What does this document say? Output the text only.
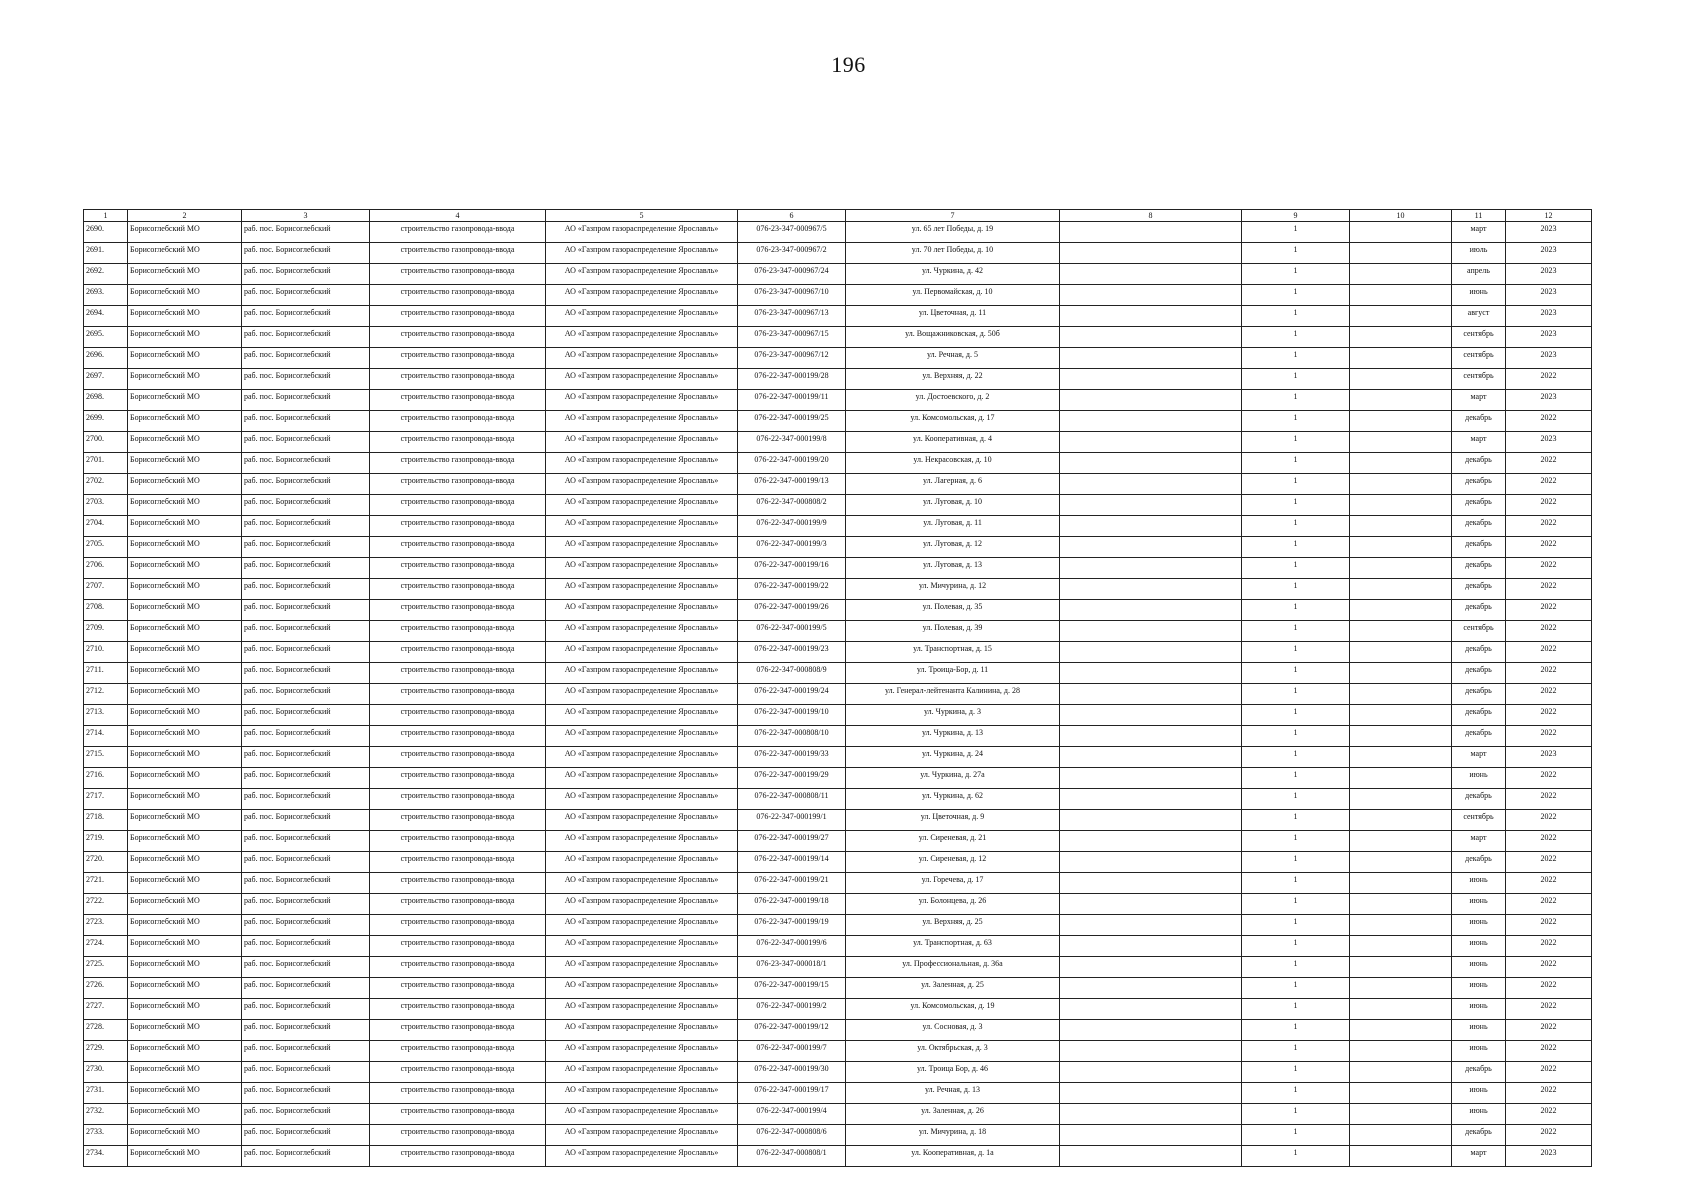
196
1	2	3	4	5	6	7	8	9	10	11	12
2690.	Борисоглебский МО	раб. пос. Борисоглебский	строительство газопровода-ввода	АО «Газпром газораспределение Ярославль»	076-23-347-000967/5	ул. 65 лет Победы, д. 19		1		март	2023
2691.	Борисоглебский МО	раб. пос. Борисоглебский	строительство газопровода-ввода	АО «Газпром газораспределение Ярославль»	076-23-347-000967/2	ул. 70 лет Победы, д. 10		1		июль	2023
2692.	Борисоглебский МО	раб. пос. Борисоглебский	строительство газопровода-ввода	АО «Газпром газораспределение Ярославль»	076-23-347-000967/24	ул. Чуркина, д. 42		1		апрель	2023
2693.	Борисоглебский МО	раб. пос. Борисоглебский	строительство газопровода-ввода	АО «Газпром газораспределение Ярославль»	076-23-347-000967/10	ул. Первомайская, д. 10		1		июнь	2023
2694.	Борисоглебский МО	раб. пос. Борисоглебский	строительство газопровода-ввода	АО «Газпром газораспределение Ярославль»	076-23-347-000967/13	ул. Цветочная, д. 11		1		август	2023
2695.	Борисоглебский МО	раб. пос. Борисоглебский	строительство газопровода-ввода	АО «Газпром газораспределение Ярославль»	076-23-347-000967/15	ул. Вощажниковская, д. 50б		1		сентябрь	2023
2696.	Борисоглебский МО	раб. пос. Борисоглебский	строительство газопровода-ввода	АО «Газпром газораспределение Ярославль»	076-23-347-000967/12	ул. Речная, д. 5		1		сентябрь	2023
2697.	Борисоглебский МО	раб. пос. Борисоглебский	строительство газопровода-ввода	АО «Газпром газораспределение Ярославль»	076-22-347-000199/28	ул. Верхняя, д. 22		1		сентябрь	2022
2698.	Борисоглебский МО	раб. пос. Борисоглебский	строительство газопровода-ввода	АО «Газпром газораспределение Ярославль»	076-22-347-000199/11	ул. Достоевского, д. 2		1		март	2023
2699.	Борисоглебский МО	раб. пос. Борисоглебский	строительство газопровода-ввода	АО «Газпром газораспределение Ярославль»	076-22-347-000199/25	ул. Комсомольская, д. 17		1		декабрь	2022
2700.	Борисоглебский МО	раб. пос. Борисоглебский	строительство газопровода-ввода	АО «Газпром газораспределение Ярославль»	076-22-347-000199/8	ул. Кооперативная, д. 4		1		март	2023
2701.	Борисоглебский МО	раб. пос. Борисоглебский	строительство газопровода-ввода	АО «Газпром газораспределение Ярославль»	076-22-347-000199/20	ул. Некрасовская, д. 10		1		декабрь	2022
2702.	Борисоглебский МО	раб. пос. Борисоглебский	строительство газопровода-ввода	АО «Газпром газораспределение Ярославль»	076-22-347-000199/13	ул. Лагерная, д. 6		1		декабрь	2022
2703.	Борисоглебский МО	раб. пос. Борисоглебский	строительство газопровода-ввода	АО «Газпром газораспределение Ярославль»	076-22-347-000808/2	ул. Луговая, д. 10		1		декабрь	2022
2704.	Борисоглебский МО	раб. пос. Борисоглебский	строительство газопровода-ввода	АО «Газпром газораспределение Ярославль»	076-22-347-000199/9	ул. Луговая, д. 11		1		декабрь	2022
2705.	Борисоглебский МО	раб. пос. Борисоглебский	строительство газопровода-ввода	АО «Газпром газораспределение Ярославль»	076-22-347-000199/3	ул. Луговая, д. 12		1		декабрь	2022
2706.	Борисоглебский МО	раб. пос. Борисоглебский	строительство газопровода-ввода	АО «Газпром газораспределение Ярославль»	076-22-347-000199/16	ул. Луговая, д. 13		1		декабрь	2022
2707.	Борисоглебский МО	раб. пос. Борисоглебский	строительство газопровода-ввода	АО «Газпром газораспределение Ярославль»	076-22-347-000199/22	ул. Мичурина, д. 12		1		декабрь	2022
2708.	Борисоглебский МО	раб. пос. Борисоглебский	строительство газопровода-ввода	АО «Газпром газораспределение Ярославль»	076-22-347-000199/26	ул. Полевая, д. 35		1		декабрь	2022
2709.	Борисоглебский МО	раб. пос. Борисоглебский	строительство газопровода-ввода	АО «Газпром газораспределение Ярославль»	076-22-347-000199/5	ул. Полевая, д. 39		1		сентябрь	2022
2710.	Борисоглебский МО	раб. пос. Борисоглебский	строительство газопровода-ввода	АО «Газпром газораспределение Ярославль»	076-22-347-000199/23	ул. Транспортная, д. 15		1		декабрь	2022
2711.	Борисоглебский МО	раб. пос. Борисоглебский	строительство газопровода-ввода	АО «Газпром газораспределение Ярославль»	076-22-347-000808/9	ул. Троица-Бор, д. 11		1		декабрь	2022
2712.	Борисоглебский МО	раб. пос. Борисоглебский	строительство газопровода-ввода	АО «Газпром газораспределение Ярославль»	076-22-347-000199/24	ул. Генерал-лейтенанта Калинина, д. 28		1		декабрь	2022
2713.	Борисоглебский МО	раб. пос. Борисоглебский	строительство газопровода-ввода	АО «Газпром газораспределение Ярославль»	076-22-347-000199/10	ул. Чуркина, д. 3		1		декабрь	2022
2714.	Борисоглебский МО	раб. пос. Борисоглебский	строительство газопровода-ввода	АО «Газпром газораспределение Ярославль»	076-22-347-000808/10	ул. Чуркина, д. 13		1		декабрь	2022
2715.	Борисоглебский МО	раб. пос. Борисоглебский	строительство газопровода-ввода	АО «Газпром газораспределение Ярославль»	076-22-347-000199/33	ул. Чуркина, д. 24		1		март	2023
2716.	Борисоглебский МО	раб. пос. Борисоглебский	строительство газопровода-ввода	АО «Газпром газораспределение Ярославль»	076-22-347-000199/29	ул. Чуркина, д. 27а		1		июнь	2022
2717.	Борисоглебский МО	раб. пос. Борисоглебский	строительство газопровода-ввода	АО «Газпром газораспределение Ярославль»	076-22-347-000808/11	ул. Чуркина, д. 62		1		декабрь	2022
2718.	Борисоглебский МО	раб. пос. Борисоглебский	строительство газопровода-ввода	АО «Газпром газораспределение Ярославль»	076-22-347-000199/1	ул. Цветочная, д. 9		1		сентябрь	2022
2719.	Борисоглебский МО	раб. пос. Борисоглебский	строительство газопровода-ввода	АО «Газпром газораспределение Ярославль»	076-22-347-000199/27	ул. Сиреневая, д. 21		1		март	2022
2720.	Борисоглебский МО	раб. пос. Борисоглебский	строительство газопровода-ввода	АО «Газпром газораспределение Ярославль»	076-22-347-000199/14	ул. Сиреневая, д. 12		1		декабрь	2022
2721.	Борисоглебский МО	раб. пос. Борисоглебский	строительство газопровода-ввода	АО «Газпром газораспределение Ярославль»	076-22-347-000199/21	ул. Горечева, д. 17		1		июнь	2022
2722.	Борисоглебский МО	раб. пос. Борисоглебский	строительство газопровода-ввода	АО «Газпром газораспределение Ярославль»	076-22-347-000199/18	ул. Болонцева, д. 26		1		июнь	2022
2723.	Борисоглебский МО	раб. пос. Борисоглебский	строительство газопровода-ввода	АО «Газпром газораспределение Ярославль»	076-22-347-000199/19	ул. Верхняя, д. 25		1		июнь	2022
2724.	Борисоглебский МО	раб. пос. Борисоглебский	строительство газопровода-ввода	АО «Газпром газораспределение Ярославль»	076-22-347-000199/6	ул. Транспортная, д. 63		1		июнь	2022
2725.	Борисоглебский МО	раб. пос. Борисоглебский	строительство газопровода-ввода	АО «Газпром газораспределение Ярославль»	076-23-347-000018/1	ул. Профессиональная, д. 36а		1		июнь	2022
2726.	Борисоглебский МО	раб. пос. Борисоглебский	строительство газопровода-ввода	АО «Газпром газораспределение Ярославль»	076-22-347-000199/15	ул. Заленная, д. 25		1		июнь	2022
2727.	Борисоглебский МО	раб. пос. Борисоглебский	строительство газопровода-ввода	АО «Газпром газораспределение Ярославль»	076-22-347-000199/2	ул. Комсомольская, д. 19		1		июнь	2022
2728.	Борисоглебский МО	раб. пос. Борисоглебский	строительство газопровода-ввода	АО «Газпром газораспределение Ярославль»	076-22-347-000199/12	ул. Сосновая, д. 3		1		июнь	2022
2729.	Борисоглебский МО	раб. пос. Борисоглебский	строительство газопровода-ввода	АО «Газпром газораспределение Ярославль»	076-22-347-000199/7	ул. Октябрьская, д. 3		1		июнь	2022
2730.	Борисоглебский МО	раб. пос. Борисоглебский	строительство газопровода-ввода	АО «Газпром газораспределение Ярославль»	076-22-347-000199/30	ул. Троица Бор, д. 46		1		декабрь	2022
2731.	Борисоглебский МО	раб. пос. Борисоглебский	строительство газопровода-ввода	АО «Газпром газораспределение Ярославль»	076-22-347-000199/17	ул. Речная, д. 13		1		июнь	2022
2732.	Борисоглебский МО	раб. пос. Борисоглебский	строительство газопровода-ввода	АО «Газпром газораспределение Ярославль»	076-22-347-000199/4	ул. Заленная, д. 26		1		июнь	2022
2733.	Борисоглебский МО	раб. пос. Борисоглебский	строительство газопровода-ввода	АО «Газпром газораспределение Ярославль»	076-22-347-000808/6	ул. Мичурина, д. 18		1		декабрь	2022
2734.	Борисоглебский МО	раб. пос. Борисоглебский	строительство газопровода-ввода	АО «Газпром газораспределение Ярославль»	076-22-347-000808/1	ул. Кооперативная, д. 1а		1		март	2023
